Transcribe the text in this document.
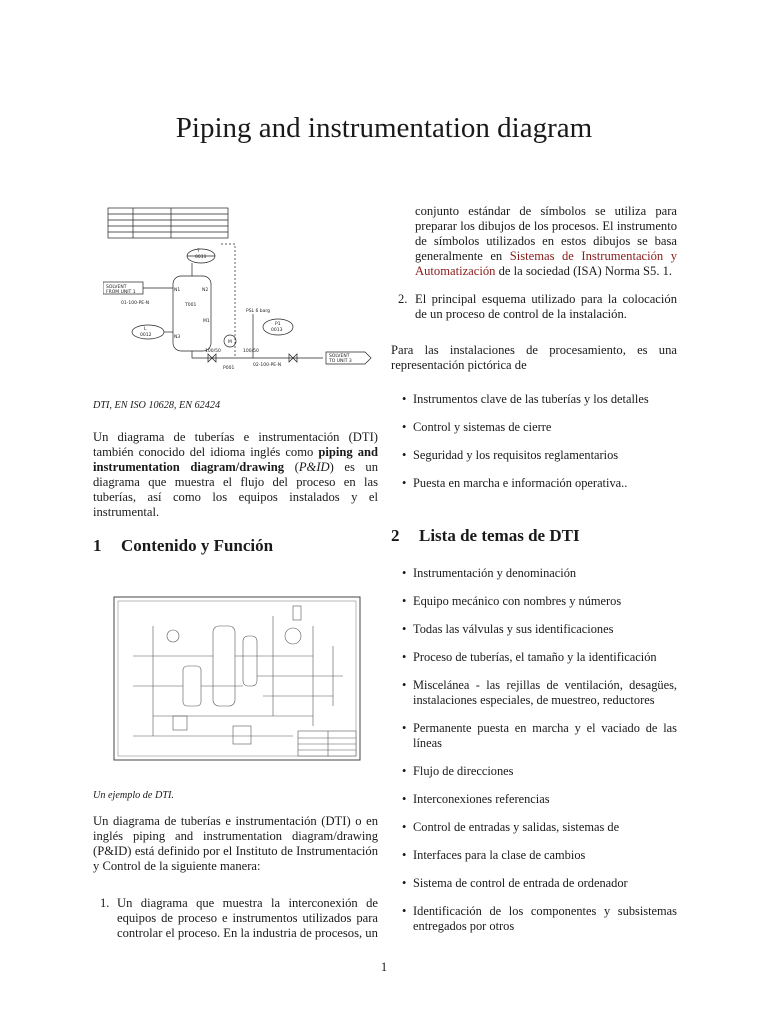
Piping and instrumentation diagram
0011
T
N1	N2
N3
M1
T001
SOLVENT
FROM UNIT 1
01-100-PE-N
L
0012
P1
0013
SOLVENT
TO UNIT 3
100/50	100/50
02-100-PE-N
P001
PSL 6 barg
M

DTI, EN ISO 10628, EN 62424

Un diagrama de tuberías e instrumentación (DTI) también conocido del idioma inglés como piping and instrumentation diagram/drawing (P&ID) es un diagrama que muestra el flujo del proceso en las tuberías, así como los equipos instalados y el instrumental.

1 Contenido y Función

Un ejemplo de DTI.

Un diagrama de tuberías e instrumentación (DTI) o en inglés piping and instrumentation diagram/drawing (P&ID) está definido por el Instituto de Instrumentación y Control de la siguiente manera:

1. Un diagrama que muestra la interconexión de equipos de proceso e instrumentos utilizados para controlar el proceso. En la industria de procesos, un

conjunto estándar de símbolos se utiliza para preparar los dibujos de los procesos. El instrumento de símbolos utilizados en estos dibujos se basa generalmente en Sistemas de Instrumentación y Automatización de la sociedad (ISA) Norma S5. 1.

2. El principal esquema utilizado para la colocación de un proceso de control de la instalación.

Para las instalaciones de procesamiento, es una representación pictórica de

• Instrumentos clave de las tuberías y los detalles
• Control y sistemas de cierre
• Seguridad y los requisitos reglamentarios
• Puesta en marcha e información operativa..
2 Lista de temas de DTI
• Instrumentación y denominación
• Equipo mecánico con nombres y números
• Todas las válvulas y sus identificaciones
• Proceso de tuberías, el tamaño y la identificación
• Miscelánea - las rejillas de ventilación, desagües, instalaciones especiales, de muestreo, reductores
• Permanente puesta en marcha y el vaciado de las líneas
• Flujo de direcciones
• Interconexiones referencias
• Control de entradas y salidas, sistemas de
• Interfaces para la clase de cambios
• Sistema de control de entrada de ordenador
• Identificación de los componentes y subsistemas entregados por otros
1
